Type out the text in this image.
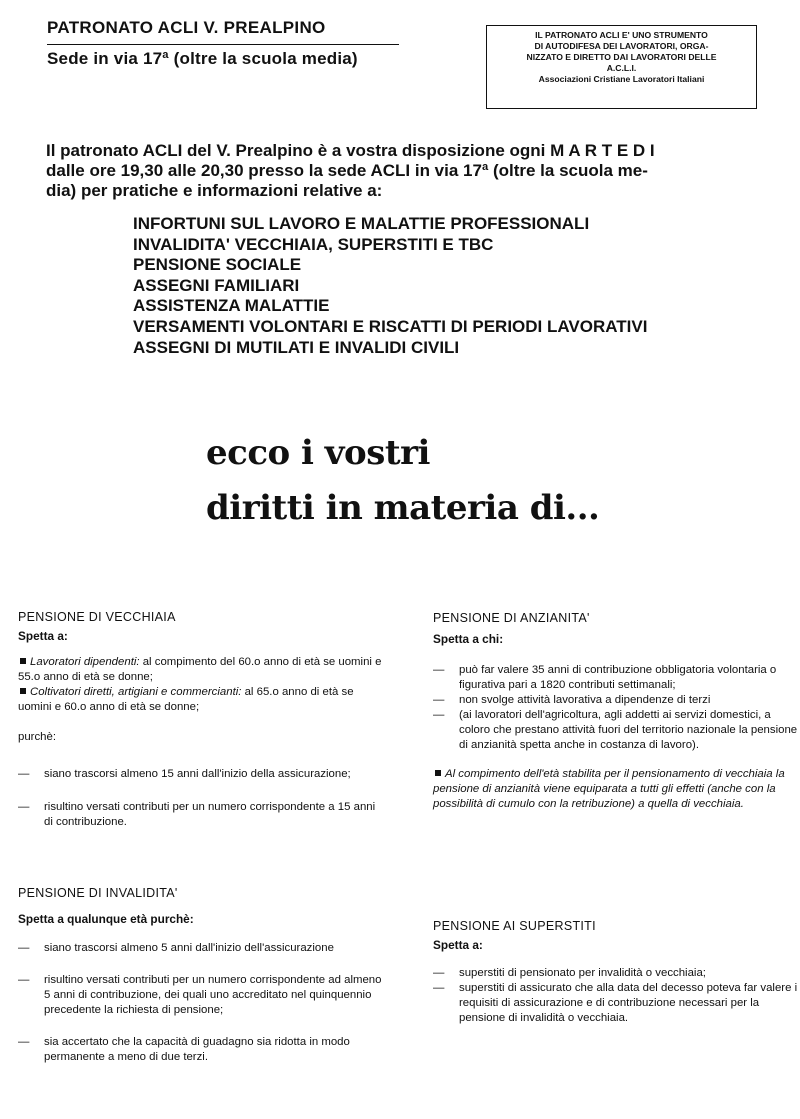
PATRONATO ACLI V. PREALPINO
Sede in via 17ª (oltre la scuola media)
IL PATRONATO ACLI E' UNO STRUMENTO
DI AUTODIFESA DEI LAVORATORI, ORGA-
NIZZATO E DIRETTO DAI LAVORATORI DELLE
A.C.L.I.
Associazioni Cristiane Lavoratori Italiani
Il patronato ACLI del V. Prealpino è a vostra disposizione ogni M A R T E D I
dalle ore 19,30 alle 20,30 presso la sede ACLI in via 17ª (oltre la scuola me-
dia) per pratiche e informazioni relative a:
INFORTUNI SUL LAVORO E MALATTIE PROFESSIONALI
INVALIDITA' VECCHIAIA, SUPERSTITI E TBC
PENSIONE SOCIALE
ASSEGNI FAMILIARI
ASSISTENZA MALATTIE
VERSAMENTI VOLONTARI E RISCATTI DI PERIODI LAVORATIVI
ASSEGNI DI MUTILATI E INVALIDI CIVILI
ecco i vostri
diritti in materia di...
PENSIONE DI VECCHIAIA
Spetta a:

Lavoratori dipendenti: al compimento del 60.o anno di età se uomini e 55.o anno di età se donne;

Coltivatori diretti, artigiani e commercianti: al 65.o anno di età se uomini e 60.o anno di età se donne;

purchè:

— siano trascorsi almeno 15 anni dall'inizio della assicurazione;

— risultino versati contributi per un numero corrispondente a 15 anni di contribuzione.

PENSIONE DI INVALIDITA'
Spetta a qualunque età purchè:

— siano trascorsi almeno 5 anni dall'inizio dell'assicurazione

— risultino versati contributi per un numero corrispondente ad almeno 5 anni di contribuzione, dei quali uno accreditato nel quinquennio precedente la richiesta di pensione;

— sia accertato che la capacità di guadagno sia ridotta in modo permanente a meno di due terzi.

PENSIONE DI ANZIANITA'
Spetta a chi:

— può far valere 35 anni di contribuzione obbligatoria volontaria o figurativa pari a 1820 contributi settimanali;

— non svolge attività lavorativa a dipendenze di terzi

— (ai lavoratori dell'agricoltura, agli addetti ai servizi domestici, a coloro che prestano attività fuori del territorio nazionale la pensione di anzianità spetta anche in costanza di lavoro).

Al compimento dell'età stabilita per il pensionamento di vecchiaia la pensione di anzianità viene equiparata a tutti gli effetti (anche con la possibilità di cumulo con la retribuzione) a quella di vecchiaia.

PENSIONE AI SUPERSTITI
Spetta a:

— superstiti di pensionato per invalidità o vecchiaia;

— superstiti di assicurato che alla data del decesso poteva far valere i requisiti di assicurazione e di contribuzione necessari per la pensione di invalidità o vecchiaia.
